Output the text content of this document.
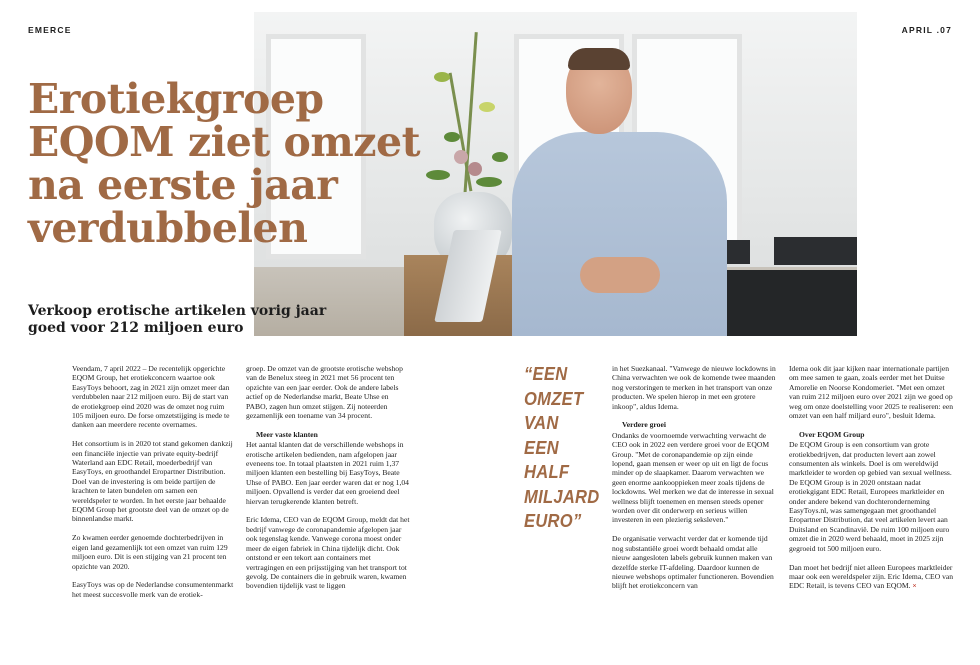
EMERCE	APRIL .07
Erotiekgroep EQOM ziet omzet na eerste jaar verdubbelen
Verkoop erotische artikelen vorig jaar goed voor 212 miljoen euro

Veendam, 7 april 2022 – De recentelijk opgerichte EQOM Group, het erotiekconcern waartoe ook EasyToys behoort, zag in 2021 zijn omzet meer dan verdubbelen naar 212 miljoen euro. Bij de start van de erotiekgroep eind 2020 was de omzet nog ruim 105 miljoen euro. De forse omzetstijging is mede te danken aan meerdere recente overnames.

Het consortium is in 2020 tot stand gekomen dankzij een financiële injectie van private equity-bedrijf Waterland aan EDC Retail, moederbedrijf van EasyToys, en groothandel Eropartner Distribution. Doel van de investering is om beide partijen de krachten te laten bundelen om samen een wereldspeler te worden. In het eerste jaar behaalde EQOM Group het grootste deel van de omzet op de binnenlandse markt.

Zo kwamen eerder genoemde dochterbedrijven in eigen land gezamenlijk tot een omzet van ruim 129 miljoen euro. Dit is een stijging van 21 procent ten opzichte van 2020.

EasyToys was op de Nederlandse consumentenmarkt het meest succesvolle merk van de erotiek-

groep. De omzet van de grootste erotische webshop van de Benelux steeg in 2021 met 56 procent ten opzichte van een jaar eerder. Ook de andere labels actief op de Nederlandse markt, Beate Uhse en PABO, zagen hun omzet stijgen. Zij noteerden gezamenlijk een toename van 34 procent.

Meer vaste klanten

Het aantal klanten dat de verschillende webshops in erotische artikelen bedienden, nam afgelopen jaar eveneens toe. In totaal plaatsten in 2021 ruim 1,37 miljoen klanten een bestelling bij EasyToys, Beate Uhse of PABO. Een jaar eerder waren dat er nog 1,04 miljoen. Opvallend is verder dat een groeiend deel hiervan terugkerende klanten betreft.

Eric Idema, CEO van de EQOM Group, meldt dat het bedrijf vanwege de coronapandemie afgelopen jaar ook tegenslag kende. Vanwege corona moest onder meer de eigen fabriek in China tijdelijk dicht. Ook ontstond er een tekort aan containers met vertragingen en een prijsstijging van het transport tot gevolg. De containers die in gebruik waren, kwamen bovendien tijdelijk vast te liggen

“EEN OMZET VAN EEN HALF MILJARD EURO”

in het Suezkanaal. "Vanwege de nieuwe lockdowns in China verwachten we ook de komende twee maanden nog verstoringen te merken in het transport van onze producten. We spelen hierop in met een grotere inkoop", aldus Idema.

Verdere groei

Ondanks de voornoemde verwachting verwacht de CEO ook in 2022 een verdere groei voor de EQOM Group. "Met de coronapandemie op zijn einde lopend, gaan mensen er weer op uit en ligt de focus minder op de slaapkamer. Daarom verwachten we geen enorme aankooppieken meer zoals tijdens de lockdowns. Wel merken we dat de interesse in sexual wellness blijft toenemen en mensen steeds opener worden over dit onderwerp en serieus willen investeren in een plezierig seksleven."

De organisatie verwacht verder dat er komende tijd nog substantiële groei wordt behaald omdat alle nieuw aangesloten labels gebruik kunnen maken van dezelfde sterke IT-afdeling. Daardoor kunnen de nieuwe webshops optimaler functioneren. Bovendien blijft het erotiekconcern van

Idema ook dit jaar kijken naar internationale partijen om mee samen te gaan, zoals eerder met het Duitse Amorelie en Noorse Kondomeriet. "Met een omzet van ruim 212 miljoen euro over 2021 zijn we goed op weg om onze doelstelling voor 2025 te realiseren: een omzet van een half miljard euro", besluit Idema.

Over EQOM Group

De EQOM Group is een consortium van grote erotiekbedrijven, dat producten levert aan zowel consumenten als winkels. Doel is om wereldwijd marktleider te worden op gebied van sexual wellness. De EQOM Group is in 2020 ontstaan nadat erotiekgigant EDC Retail, Europees marktleider en onder andere bekend van dochteronderneming EasyToys.nl, was samengegaan met groothandel Eropartner Distribution, dat veel artikelen levert aan Duitsland en Scandinavië. De ruim 100 miljoen euro omzet die in 2020 werd behaald, moet in 2025 zijn gegroeid tot 500 miljoen euro.

Dan moet het bedrijf niet alleen Europees marktleider maar ook een wereldspeler zijn. Eric Idema, CEO van EDC Retail, is tevens CEO van EQOM. ×
